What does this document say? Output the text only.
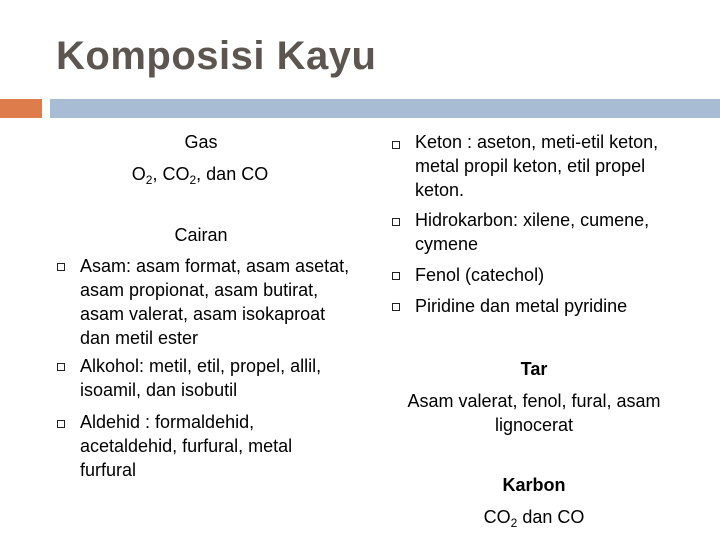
Komposisi Kayu
Gas
$O_2$, $CO_2$, dan CO
Cairan
Asam: asam format, asam asetat, asam propionat, asam butirat, asam valerat, asam isokaproat dan metil ester
Alkohol: metil, etil, propel, allil, isoamil, dan isobutil
Aldehid : formaldehid, acetaldehid, furfural, metal furfural
Keton : aseton, meti-etil keton, metal propil keton, etil propel keton.
Hidrokarbon: xilene, cumene, cymene
Fenol (catechol)
Piridine dan metal pyridine
Tar
Asam valerat, fenol, fural, asam lignocerat
Karbon
$CO_2$ dan CO
